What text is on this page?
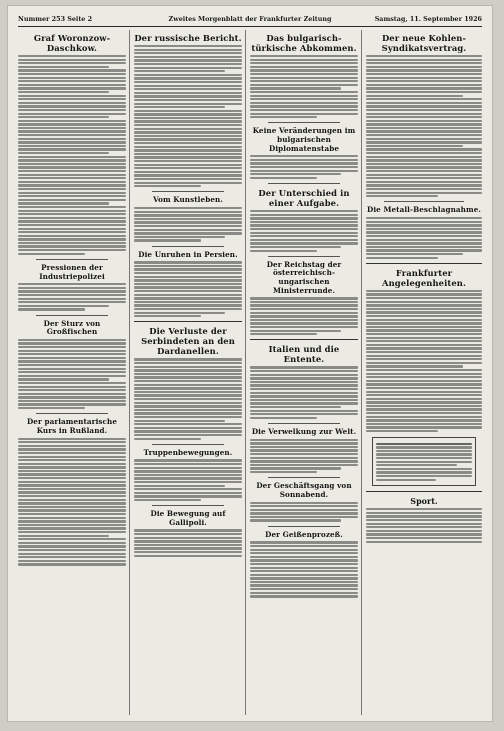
Nummer 253 Seite 2	Zweites Morgenblatt der Frankfurter Zeitung	Samstag, 11. September 1926
Graf Woronzow-Daschkow.
Pressionen der Industriepolizei
Der Sturz von Großfischen
Der parlamentarische Kurs in Rußland.
Der russische Bericht.
Vom Kunstleben.
Die Unruhen in Persien.
Die Verluste der Serbindeten an den Dardanellen.
Truppenbewegungen.
Die Bewegung auf Gallipoli.
Das bulgarisch-türkische Abkommen.
Keine Veränderungen im bulgarischen Diplomatenstabe
Der Unterschied in einer Aufgabe.
Der Reichstag der österreichisch-ungarischen Ministerrunde.
Italien und die Entente.
Die Verwelkung zur Welt.
Der Geschäftsgang von Sonnabend.
Der Geißenprozeß.
Der neue Kohlen-Syndikatsvertrag.
Die Metall-Beschlagnahme.
Frankfurter Angelegenheiten.
Sport.
